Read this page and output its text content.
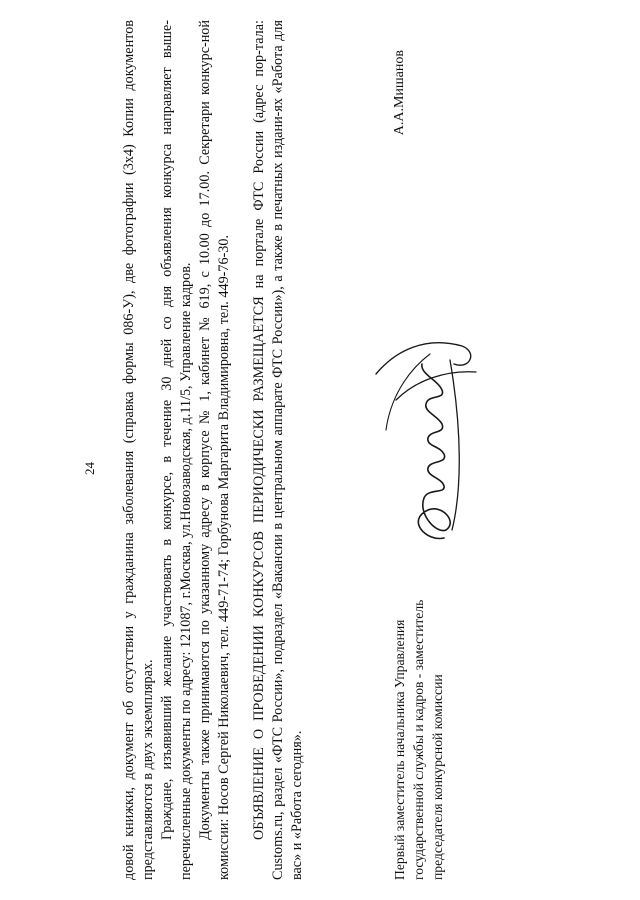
24 довой книжки, документ об отсутствии у гражданина заболевания (справка формы 086-У), две фотографии (3х4) Копии документов представляются в двух экземплярах. Граждане, изъявивший желание участвовать в конкурсе, в течение 30 дней со дня объявления конкурса направляет выше-перечисленные документы по адресу: 121087, г.Москва, ул.Новозаводская, д.11/5, Управление кадров. Документы также принимаются по указанному адресу в корпусе № 1, кабинет № 619, с 10.00 до 17.00. Секретари конкурс-ной комиссии: Носов Сергей Николаевич, тел. 449-71-74; Горбунова Маргарита Владимировна, тел. 449-76-30. ОБЪЯВЛЕНИЕ О ПРОВЕДЕНИИ КОНКУРСОВ ПЕРИОДИЧЕСКИ РАЗМЕЩАЕТСЯ на портале ФТС России (адрес пор-тала: Customs.ru, раздел «ФТС России», подраздел «Вакансии в центральном аппарате ФТС России»), а также в печатных издани-ях «Работа для вас» и «Работа сегодня».	Первый заместитель начальника Управления государственной службы и кадров - заместитель председателя конкурсной комиссии

А.А.Мишанов
